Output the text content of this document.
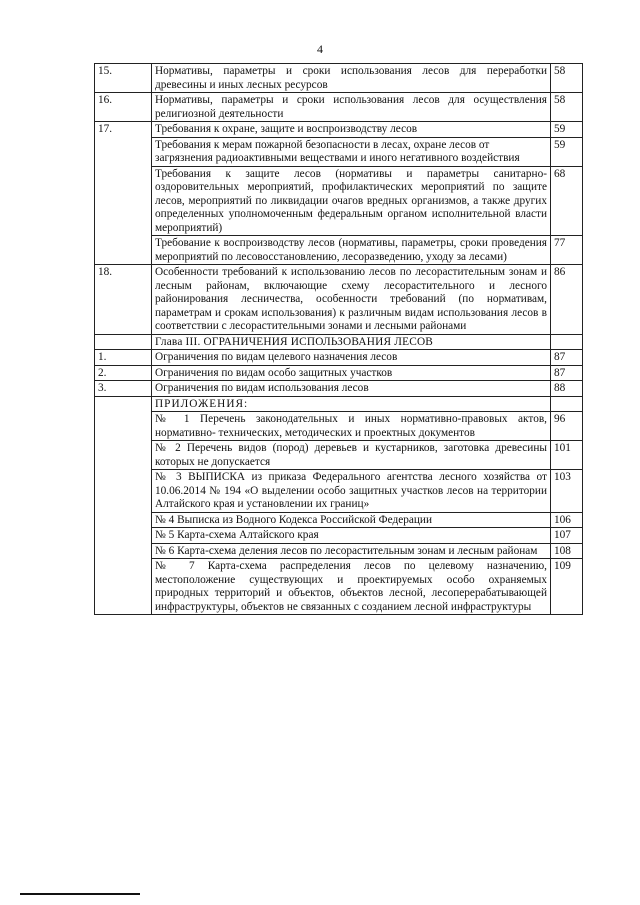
4
15.	Нормативы, параметры и сроки использования лесов для переработки древесины и иных лесных ресурсов	58
16.	Нормативы, параметры и сроки использования лесов для осуществления религиозной деятельности	58
17.	Требования к охране, защите и воспроизводству лесов	59
	Требования к мерам пожарной безопасности в лесах, охране лесов от загрязнения радиоактивными веществами и иного негативного воздействия	59
	Требования к защите лесов (нормативы и параметры санитарно-оздоровительных мероприятий, профилактических мероприятий по защите лесов, мероприятий по ликвидации очагов вредных организмов, а также других определенных уполномоченным федеральным органом исполнительной власти мероприятий)	68
	Требование к воспроизводству лесов (нормативы, параметры, сроки проведения мероприятий по лесовосстановлению, лесоразведению, уходу за лесами)	77
18.	Особенности требований к использованию лесов по лесорастительным зонам и лесным районам, включающие схему лесорастительного и лесного районирования лесничества, особенности требований (по нормативам, параметрам и срокам использования) к различным видам использования лесов в соответствии с лесорастительными зонами и лесными районами	86
	Глава III. ОГРАНИЧЕНИЯ ИСПОЛЬЗОВАНИЯ ЛЕСОВ	
1.	Ограничения по видам целевого назначения лесов	87
2.	Ограничения по видам особо защитных участков	87
3.	Ограничения по видам использования лесов	88
	ПРИЛОЖЕНИЯ:	
	№ 1 Перечень законодательных и иных нормативно-правовых актов, нормативно- технических, методических и проектных документов	96
	№ 2 Перечень видов (пород) деревьев и кустарников, заготовка древесины которых не допускается	101
	№ 3 ВЫПИСКА из приказа Федерального агентства лесного хозяйства от 10.06.2014 № 194 «О выделении особо защитных участков лесов на территории Алтайского края и установлении их границ»	103
	№ 4 Выписка из Водного Кодекса Российской Федерации	106
	№ 5 Карта-схема Алтайского края	107
	№ 6 Карта-схема деления лесов по лесорастительным зонам и лесным районам	108
	№ 7 Карта-схема распределения лесов по целевому назначению, местоположение существующих и проектируемых особо охраняемых природных территорий и объектов, объектов лесной, лесоперерабатывающей инфраструктуры, объектов не связанных с созданием лесной инфраструктуры	109
